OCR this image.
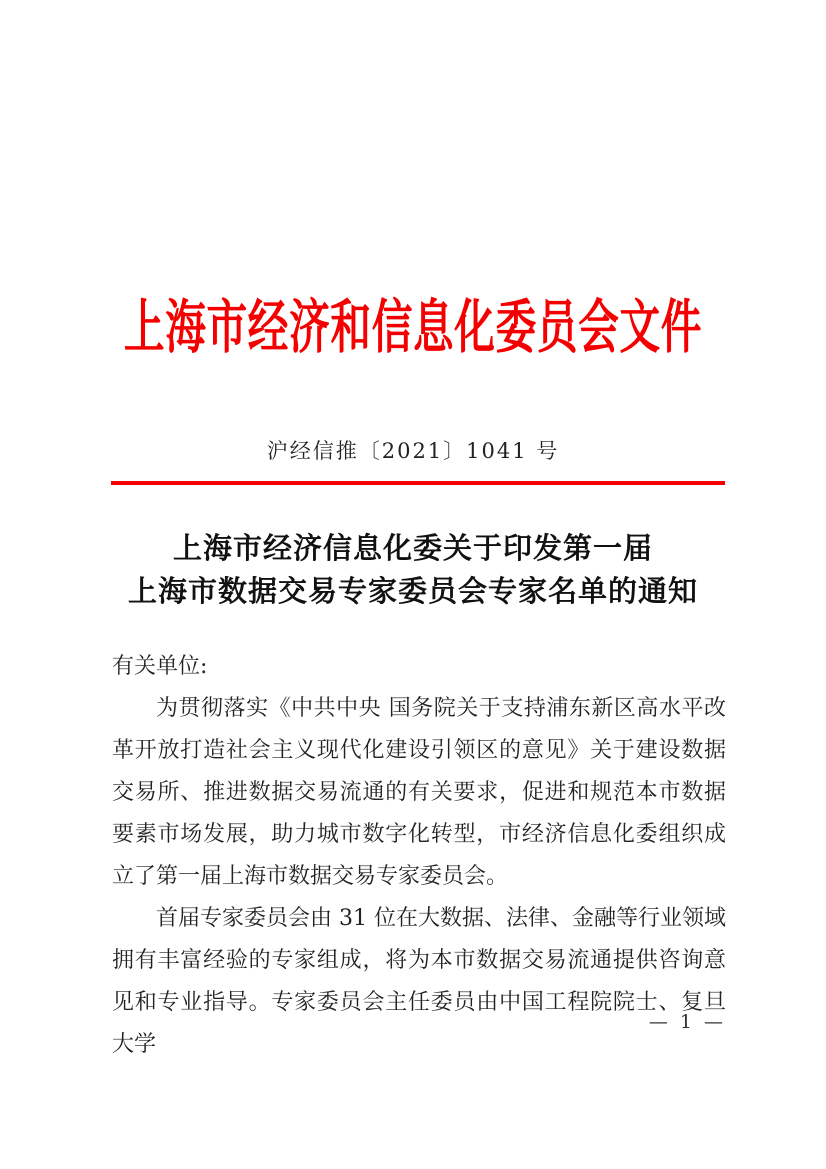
上海市经济和信息化委员会文件
沪经信推〔2021〕1041 号
上海市经济信息化委关于印发第一届
上海市数据交易专家委员会专家名单的通知

有关单位:

为贯彻落实《中共中央 国务院关于支持浦东新区高水平改革开放打造社会主义现代化建设引领区的意见》关于建设数据交易所、推进数据交易流通的有关要求，促进和规范本市数据要素市场发展，助力城市数字化转型，市经济信息化委组织成立了第一届上海市数据交易专家委员会。

首届专家委员会由 31 位在大数据、法律、金融等行业领域拥有丰富经验的专家组成，将为本市数据交易流通提供咨询意见和专业指导。专家委员会主任委员由中国工程院院士、复旦大学

— 1 —
